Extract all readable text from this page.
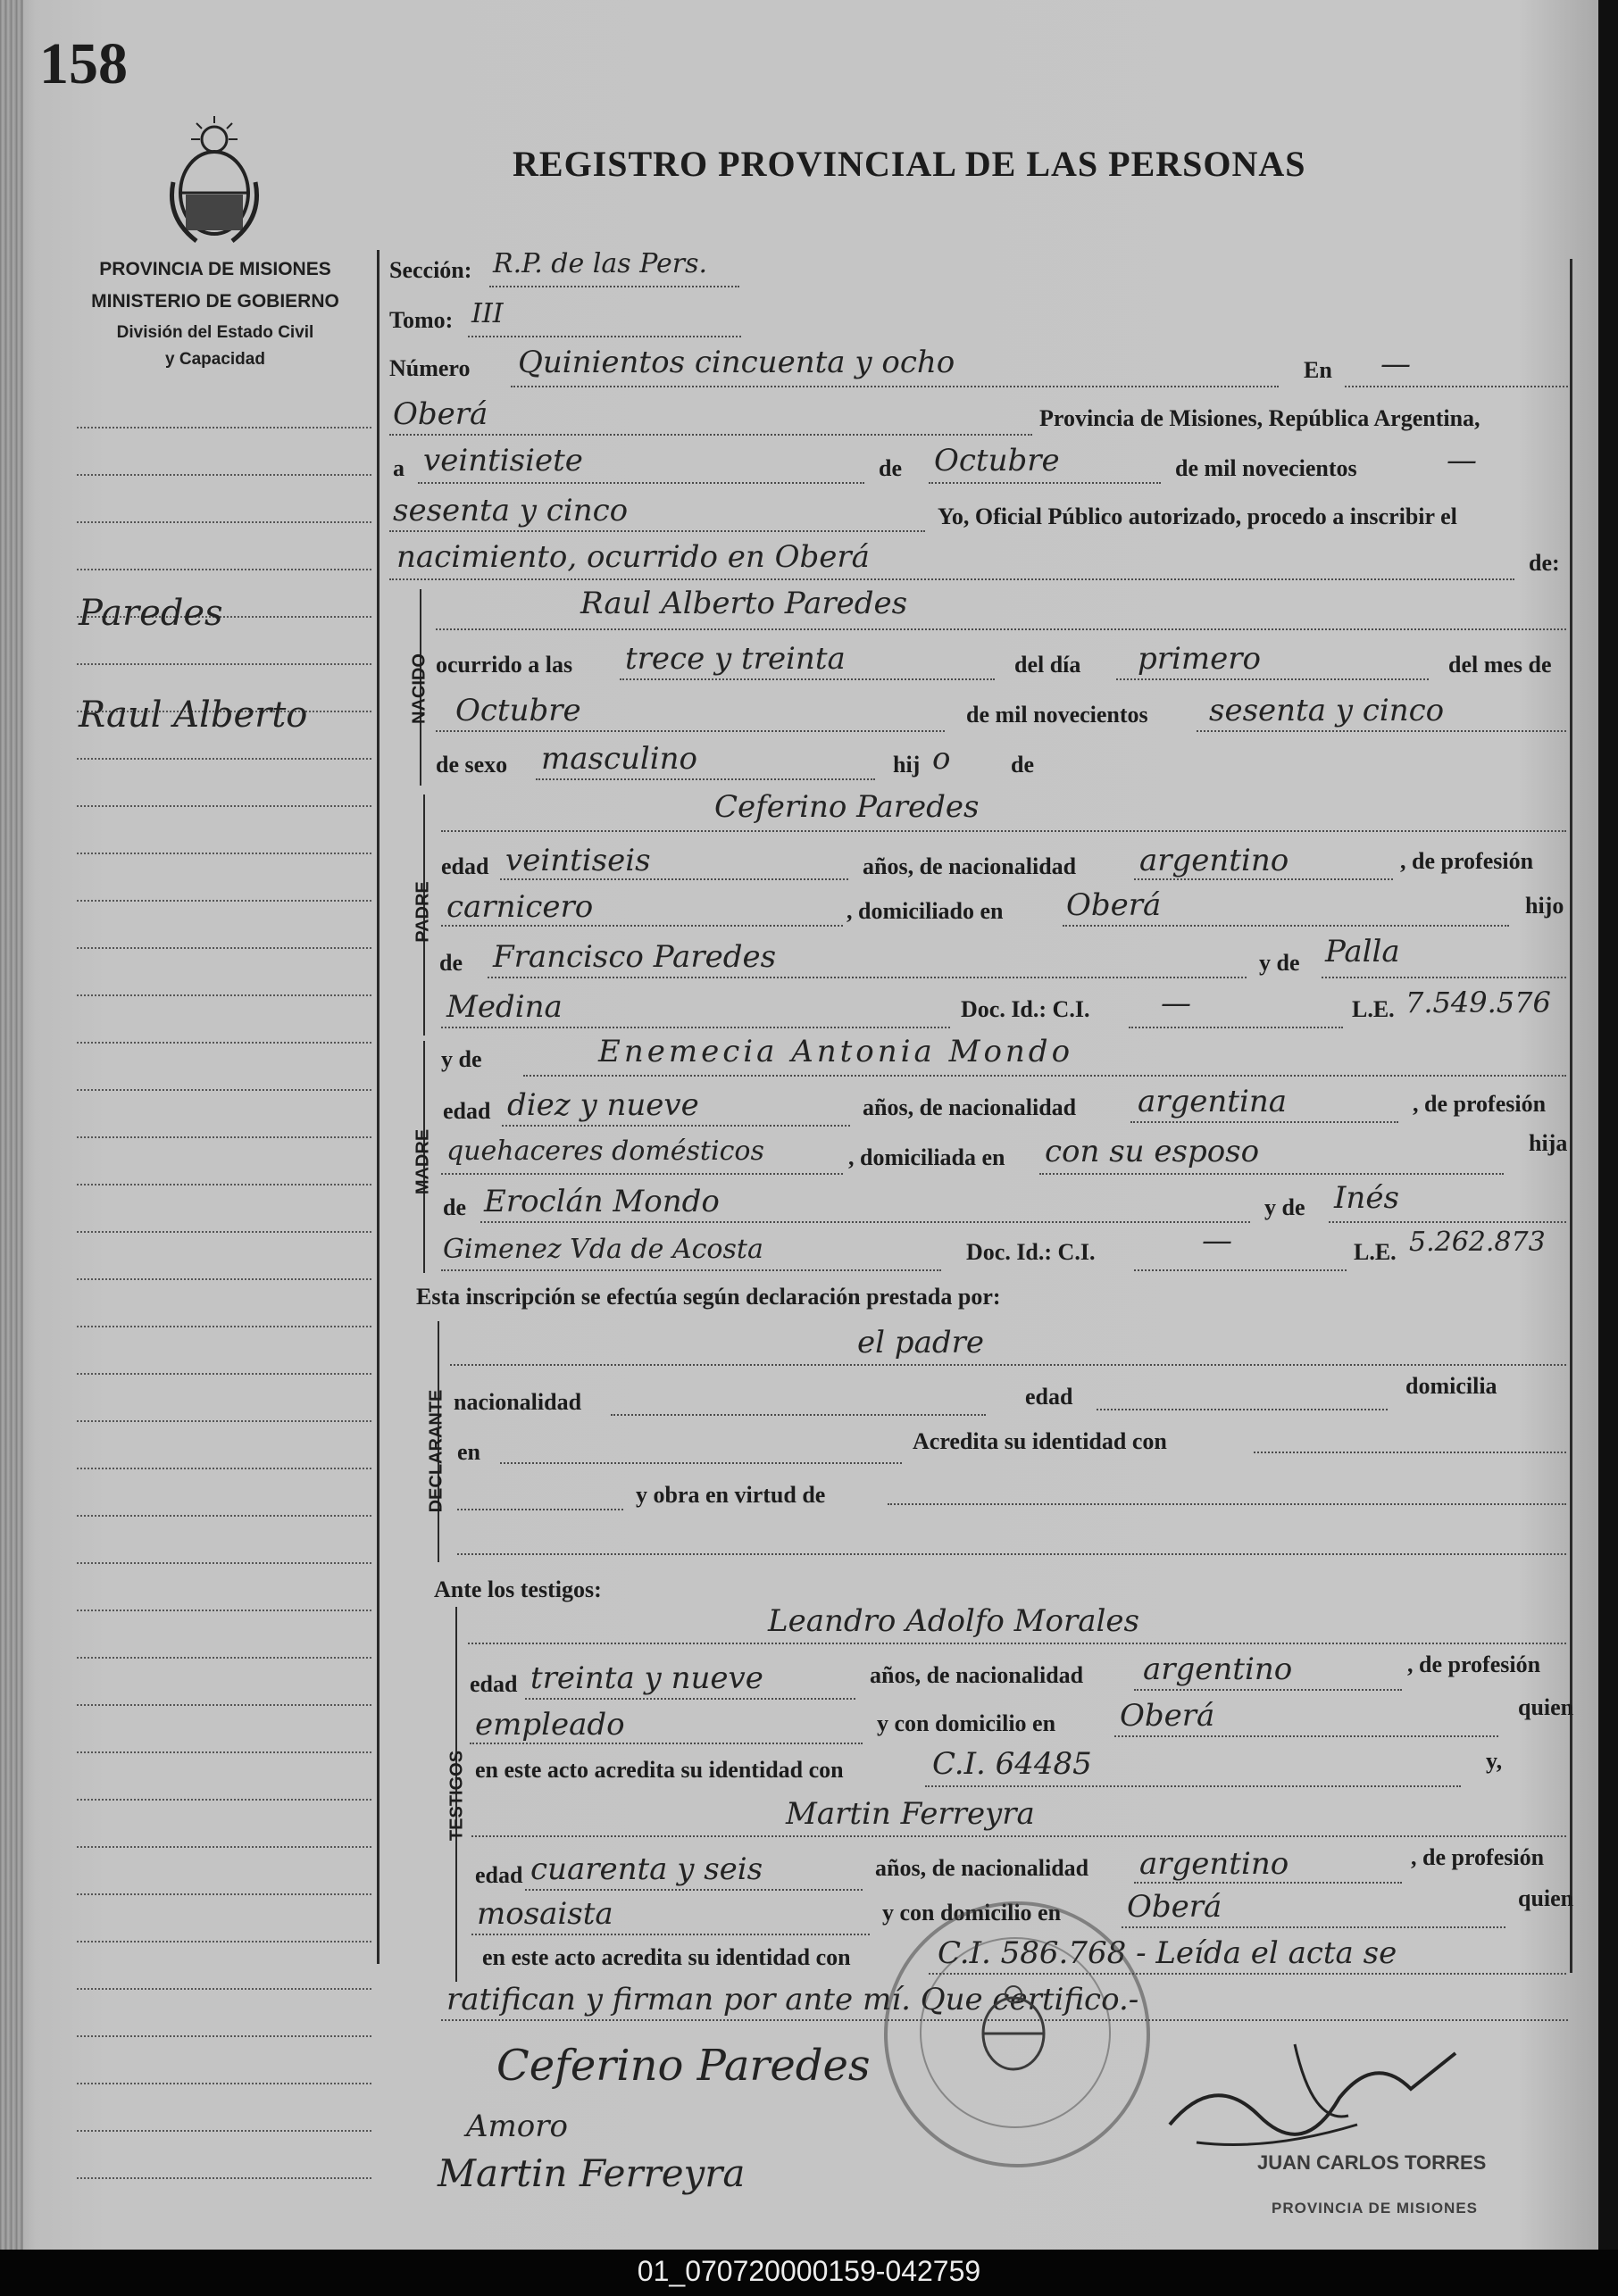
158
REGISTRO PROVINCIAL DE LAS PERSONAS
PROVINCIA DE MISIONES
MINISTERIO DE GOBIERNO
División del Estado Civil
y Capacidad
Paredes
Raul Alberto
Sección: R.P. de las Pers.
Tomo: III
Número Quinientos cincuenta y ocho	En —
Oberá	Provincia de Misiones, República Argentina,
a veintisiete	de Octubre	de mil novecientos	—
sesenta y cinco	Yo, Oficial Público autorizado, procedo a inscribir el
nacimiento, ocurrido en Oberá	de:
NACIDO
Raul Alberto Paredes
ocurrido a las trece y treinta	del día primero	del mes de
Octubre	de mil novecientos sesenta y cinco
de sexo masculino	hij o	de
PADRE
Ceferino Paredes
edad veintiseis	años, de nacionalidad argentino	, de profesión
carnicero	, domiciliado en Oberá	hijo
de Francisco Paredes	y de Palla
Medina	Doc. Id.: C.I. —	L.E. 7.549.576
MADRE
y de	Enemecia Antonia Mondo
edad diez y nueve	años, de nacionalidad argentina	, de profesión
quehaceres domésticos	, domiciliada en con su esposo	hija
de Eroclán Mondo	y de Inés
Gimenez Vda de Acosta	Doc. Id.: C.I.	—	L.E. 5.262.873
Esta inscripción se efectúa según declaración prestada por:
el padre
DECLARANTE nacionalidad	edad	domicilia
en	Acredita su identidad con
y obra en virtud de
Ante los testigos:
TESTIGOS
Leandro Adolfo Morales
edad treinta y nueve	años, de nacionalidad argentino	, de profesión
empleado	y con domicilio en Oberá	quien
en este acto acredita su identidad con	C.I. 64485	y,
Martin Ferreyra
edad cuarenta y seis	años, de nacionalidad argentino	, de profesión
mosaista	y con domicilio en Oberá	quien
en este acto acredita su identidad con	C.I. 586.768 - Leída el acta se
ratifican y firman por ante mí. Que certifico.-
Ceferino Paredes
Amoro
Martin Ferreyra	JUAN CARLOS TORRES
PROVINCIA DE MISIONES
01_070720000159-042759
